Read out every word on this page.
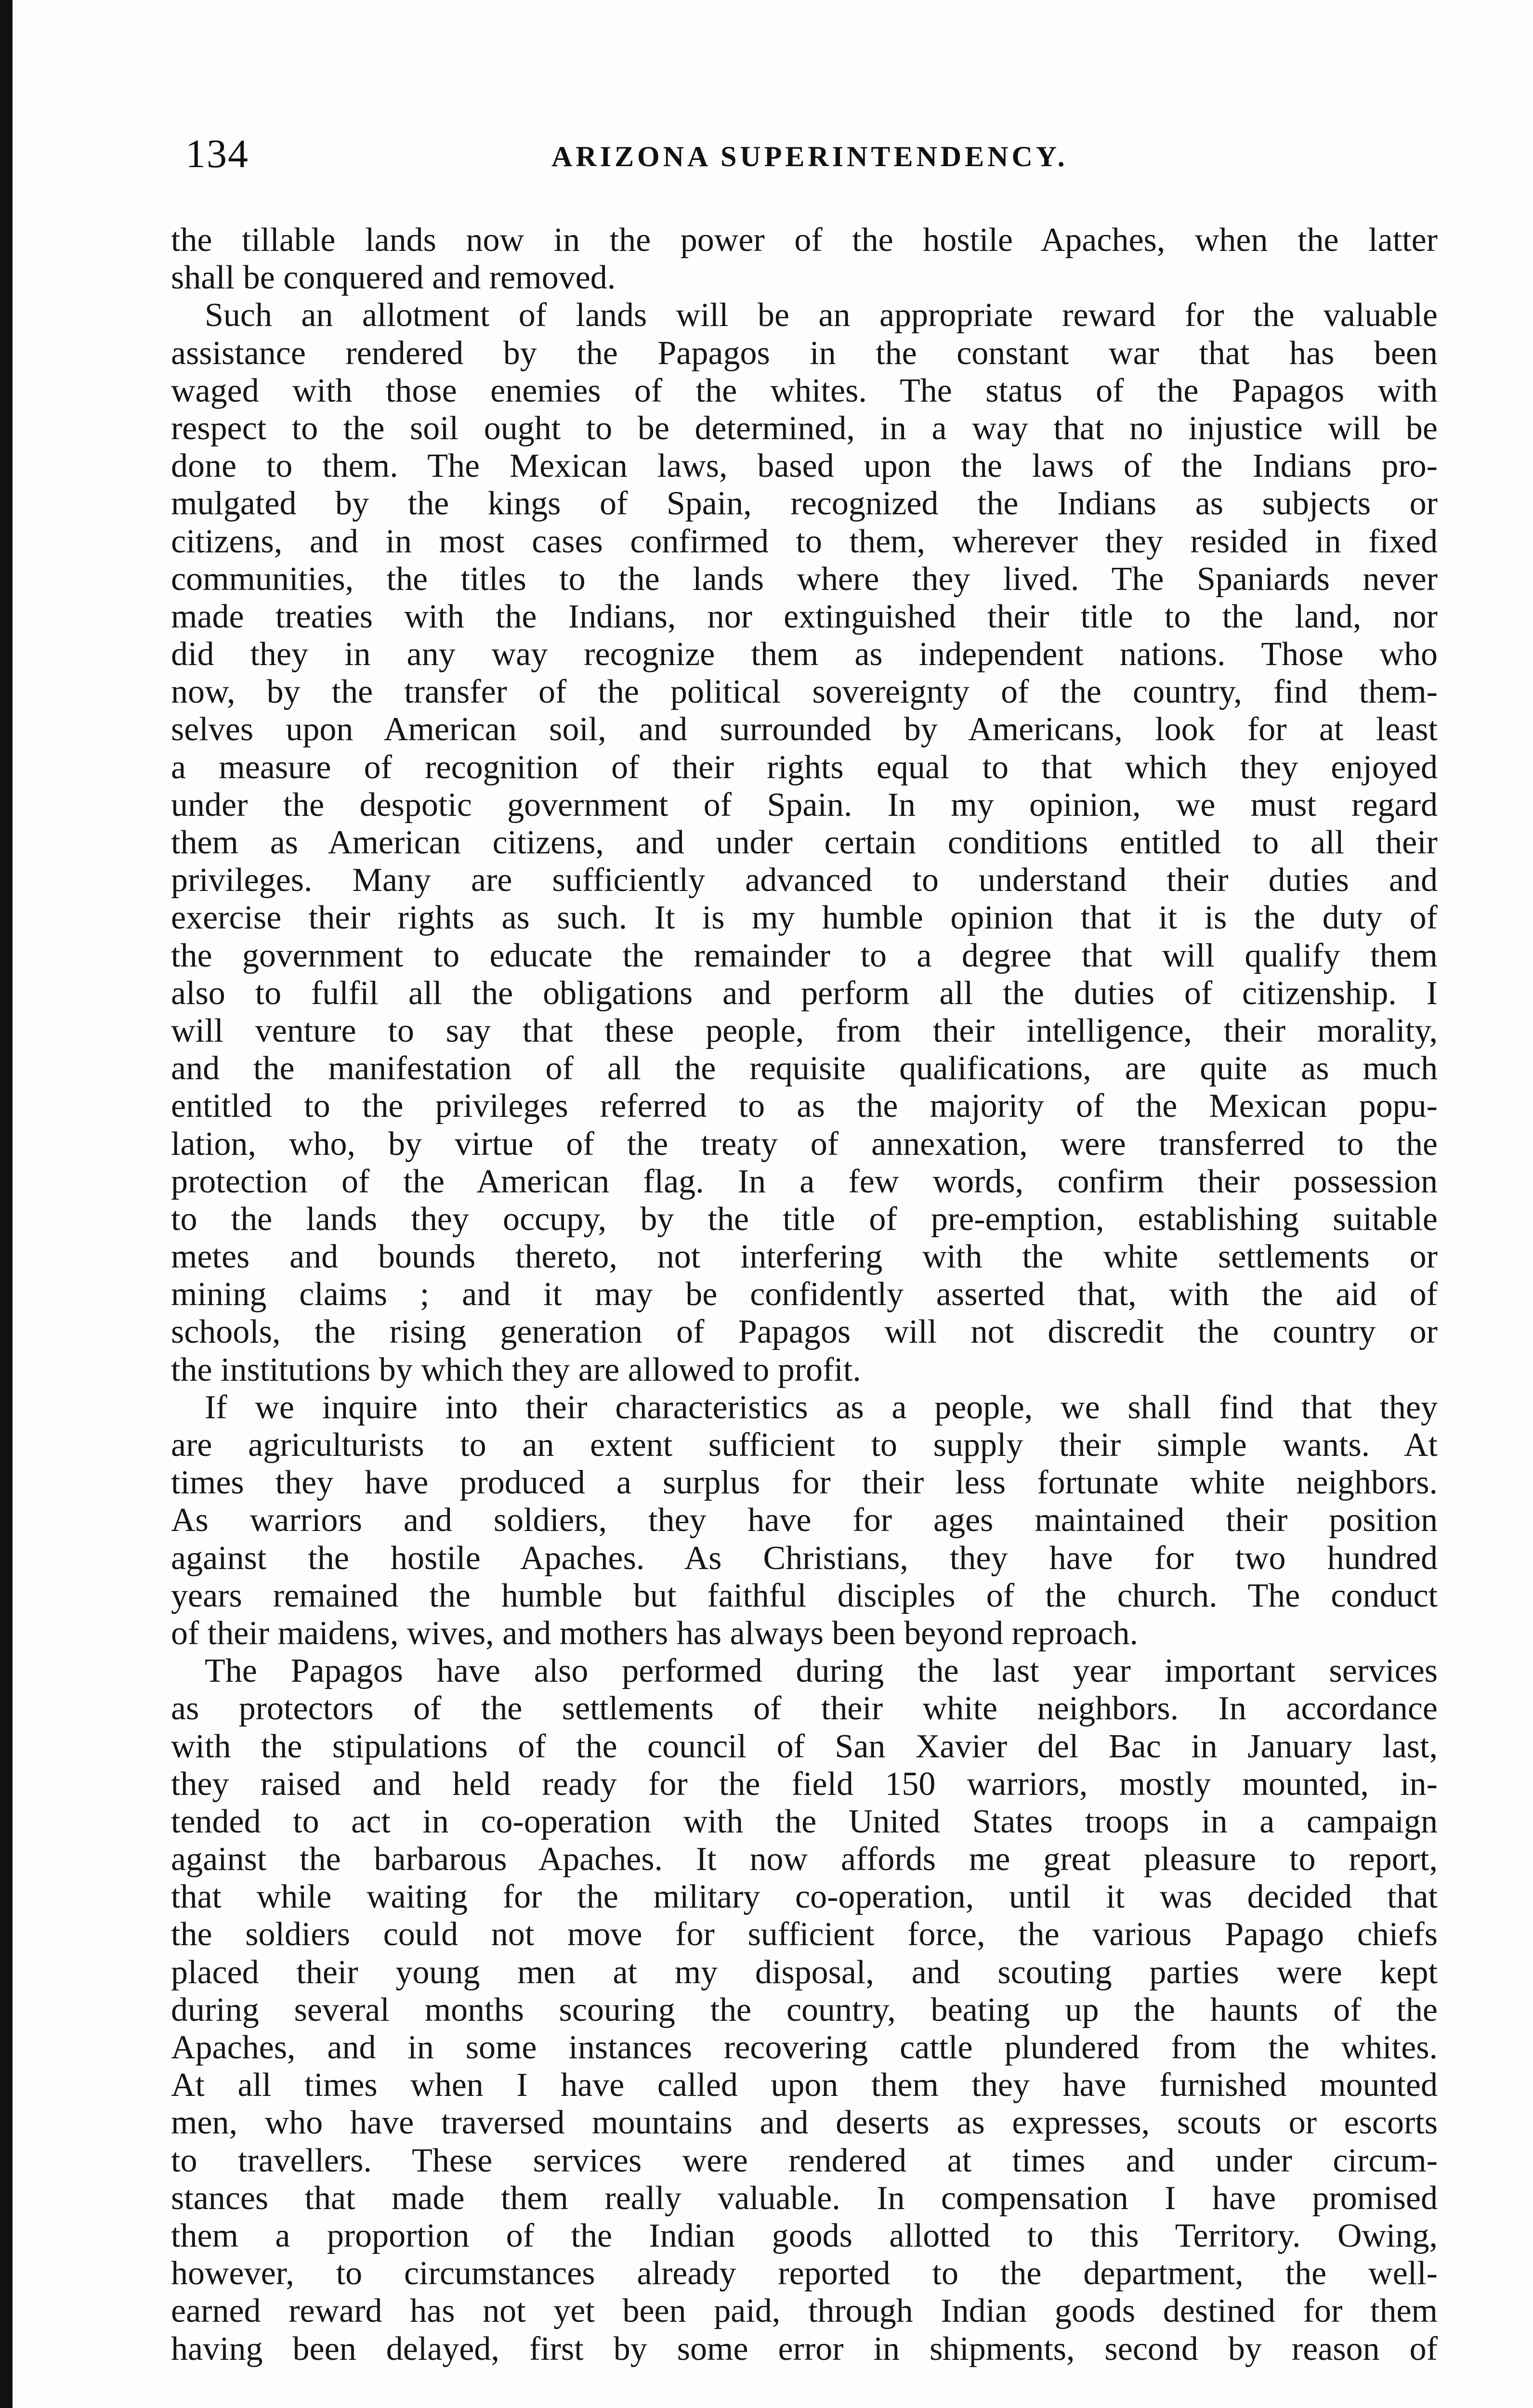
134	ARIZONA SUPERINTENDENCY.
the tillable lands now in the power of the hostile Apaches, when the latter
shall be conquered and removed.
Such an allotment of lands will be an appropriate reward for the valuable
assistance rendered by the Papagos in the constant war that has been
waged with those enemies of the whites. The status of the Papagos with
respect to the soil ought to be determined, in a way that no injustice will be
done to them. The Mexican laws, based upon the laws of the Indians pro-
mulgated by the kings of Spain, recognized the Indians as subjects or
citizens, and in most cases confirmed to them, wherever they resided in fixed
communities, the titles to the lands where they lived. The Spaniards never
made treaties with the Indians, nor extinguished their title to the land, nor
did they in any way recognize them as independent nations. Those who
now, by the transfer of the political sovereignty of the country, find them-
selves upon American soil, and surrounded by Americans, look for at least
a measure of recognition of their rights equal to that which they enjoyed
under the despotic government of Spain. In my opinion, we must regard
them as American citizens, and under certain conditions entitled to all their
privileges. Many are sufficiently advanced to understand their duties and
exercise their rights as such. It is my humble opinion that it is the duty of
the government to educate the remainder to a degree that will qualify them
also to fulfil all the obligations and perform all the duties of citizenship. I
will venture to say that these people, from their intelligence, their morality,
and the manifestation of all the requisite qualifications, are quite as much
entitled to the privileges referred to as the majority of the Mexican popu-
lation, who, by virtue of the treaty of annexation, were transferred to the
protection of the American flag. In a few words, confirm their possession
to the lands they occupy, by the title of pre-emption, establishing suitable
metes and bounds thereto, not interfering with the white settlements or
mining claims ; and it may be confidently asserted that, with the aid of
schools, the rising generation of Papagos will not discredit the country or
the institutions by which they are allowed to profit.
If we inquire into their characteristics as a people, we shall find that they
are agriculturists to an extent sufficient to supply their simple wants. At
times they have produced a surplus for their less fortunate white neighbors.
As warriors and soldiers, they have for ages maintained their position
against the hostile Apaches. As Christians, they have for two hundred
years remained the humble but faithful disciples of the church. The conduct
of their maidens, wives, and mothers has always been beyond reproach.
The Papagos have also performed during the last year important services
as protectors of the settlements of their white neighbors. In accordance
with the stipulations of the council of San Xavier del Bac in January last,
they raised and held ready for the field 150 warriors, mostly mounted, in-
tended to act in co-operation with the United States troops in a campaign
against the barbarous Apaches. It now affords me great pleasure to report,
that while waiting for the military co-operation, until it was decided that
the soldiers could not move for sufficient force, the various Papago chiefs
placed their young men at my disposal, and scouting parties were kept
during several months scouring the country, beating up the haunts of the
Apaches, and in some instances recovering cattle plundered from the whites.
At all times when I have called upon them they have furnished mounted
men, who have traversed mountains and deserts as expresses, scouts or escorts
to travellers. These services were rendered at times and under circum-
stances that made them really valuable. In compensation I have promised
them a proportion of the Indian goods allotted to this Territory. Owing,
however, to circumstances already reported to the department, the well-
earned reward has not yet been paid, through Indian goods destined for them
having been delayed, first by some error in shipments, second by reason of
